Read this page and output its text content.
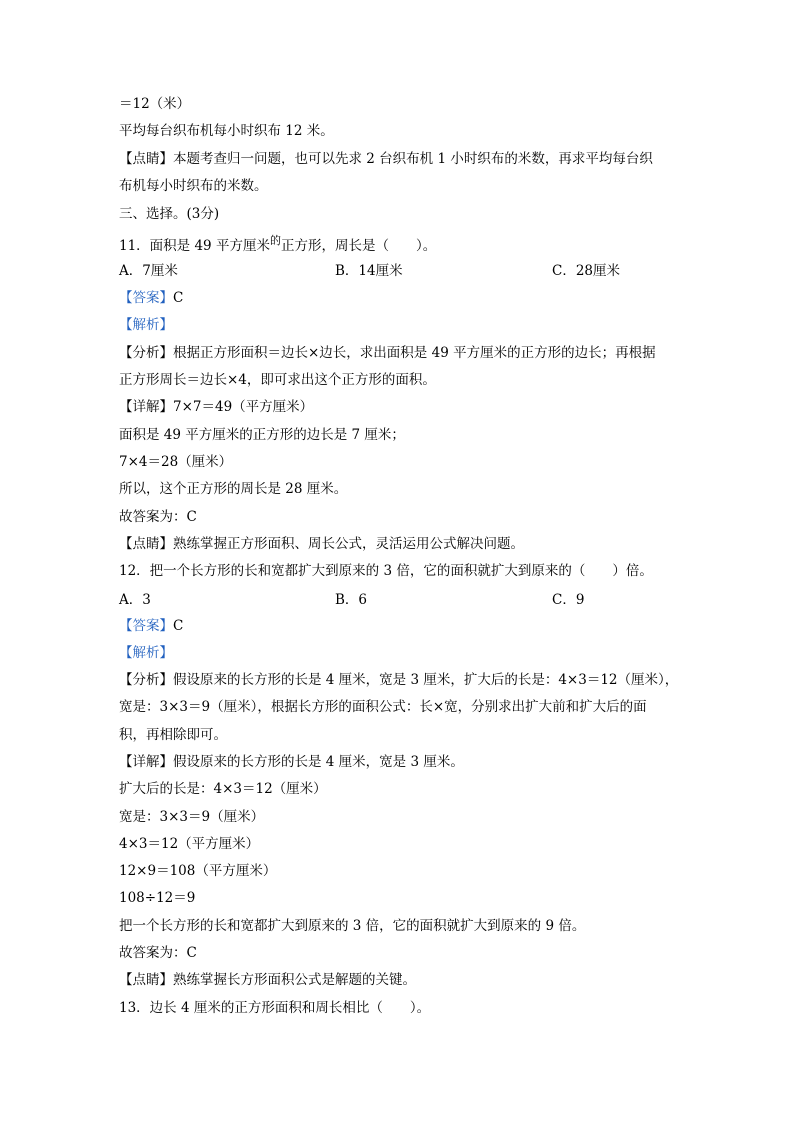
＝12（米）
平均每台织布机每小时织布 12 米。
【点睛】本题考查归一问题，也可以先求 2 台织布机 1 小时织布的米数，再求平均每台织
布机每小时织布的米数。
三、选择。(3分)
11．面积是 49 平方厘米$^的$正方形，周长是（　　）。
A．7厘米	B．14厘米	C．28厘米
【答案】C
【解析】
【分析】根据正方形面积＝边长×边长，求出面积是 49 平方厘米的正方形的边长；再根据
正方形周长＝边长×4，即可求出这个正方形的面积。
【详解】7×7＝49（平方厘米）
面积是 49 平方厘米的正方形的边长是 7 厘米；
7×4＝28（厘米）
所以，这个正方形的周长是 28 厘米。
故答案为：C
【点睛】熟练掌握正方形面积、周长公式，灵活运用公式解决问题。
12．把一个长方形的长和宽都扩大到原来的 3 倍，它的面积就扩大到原来的（　　）倍。
A．3	B．6	C．9
【答案】C
【解析】
【分析】假设原来的长方形的长是 4 厘米，宽是 3 厘米，扩大后的长是：4×3＝12（厘米），
宽是：3×3＝9（厘米），根据长方形的面积公式：长×宽，分别求出扩大前和扩大后的面
积，再相除即可。
【详解】假设原来的长方形的长是 4 厘米，宽是 3 厘米。
扩大后的长是：4×3＝12（厘米）
宽是：3×3＝9（厘米）
4×3＝12（平方厘米）
12×9＝108（平方厘米）
108÷12＝9
把一个长方形的长和宽都扩大到原来的 3 倍，它的面积就扩大到原来的 9 倍。
故答案为：C
【点睛】熟练掌握长方形面积公式是解题的关键。
13．边长 4 厘米的正方形面积和周长相比（　　）。
